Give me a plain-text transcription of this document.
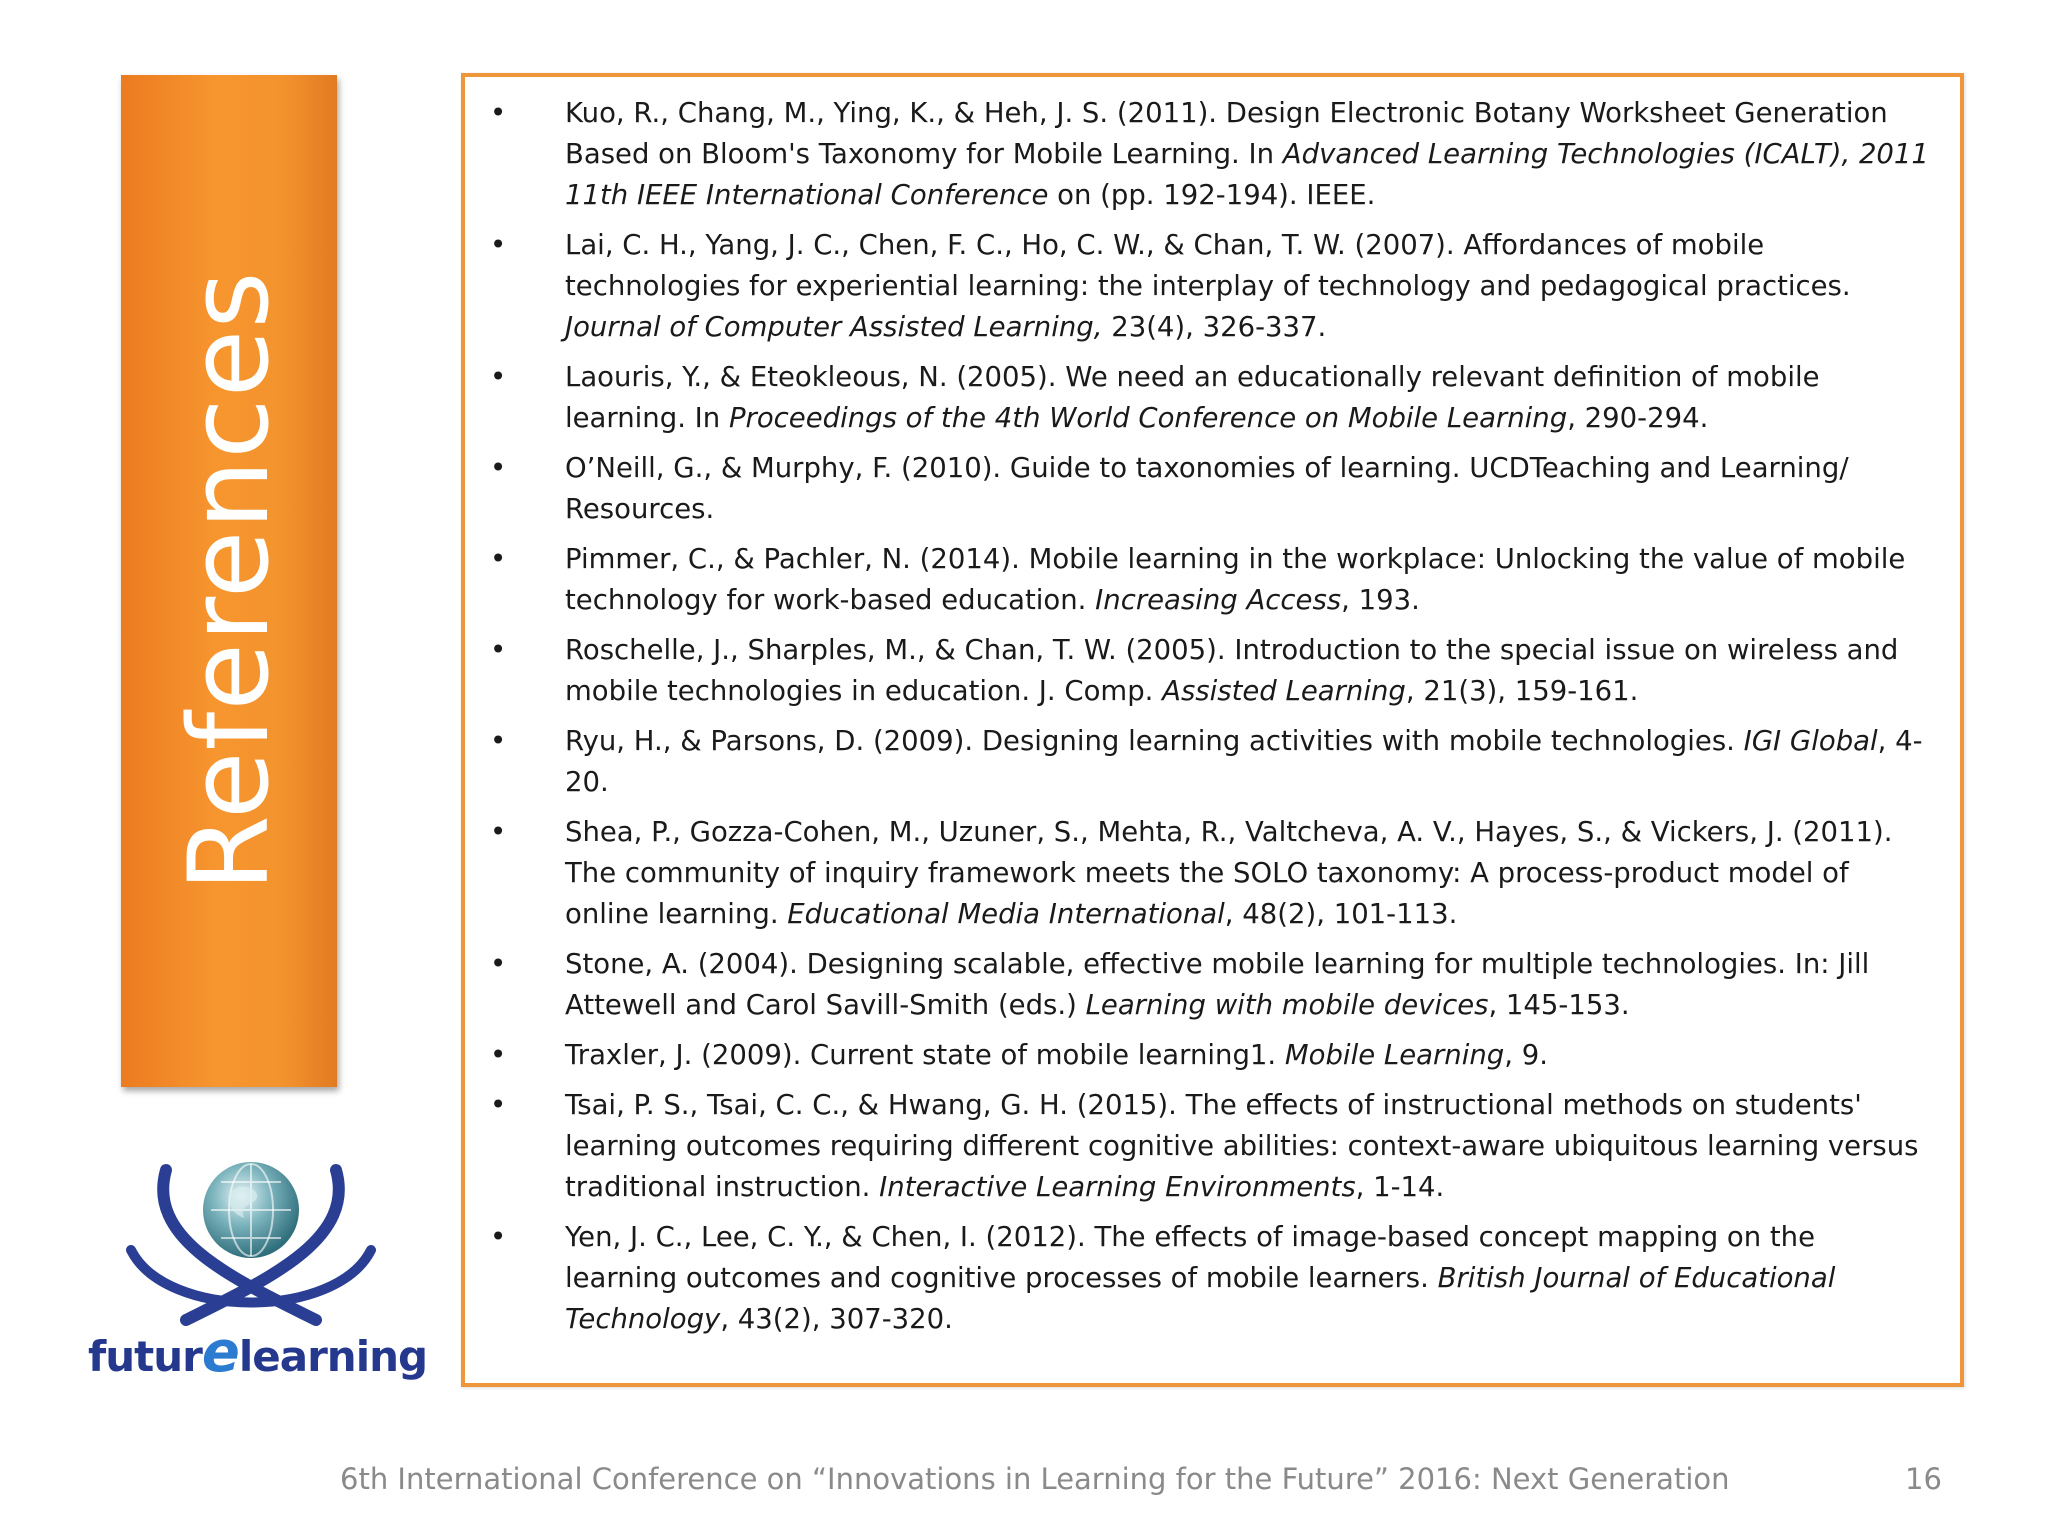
References
futurelearning
• Kuo, R., Chang, M., Ying, K., & Heh, J. S. (2011). Design Electronic Botany Worksheet Generation Based on Bloom's Taxonomy for Mobile Learning. In Advanced Learning Technologies (ICALT), 2011 11th IEEE International Conference on (pp. 192-194). IEEE.
• Lai, C. H., Yang, J. C., Chen, F. C., Ho, C. W., & Chan, T. W. (2007). Affordances of mobile technologies for experiential learning: the interplay of technology and pedagogical practices. Journal of Computer Assisted Learning, 23(4), 326-337.
• Laouris, Y., & Eteokleous, N. (2005). We need an educationally relevant definition of mobile learning. In Proceedings of the 4th World Conference on Mobile Learning, 290-294.
• O’Neill, G., & Murphy, F. (2010). Guide to taxonomies of learning. UCDTeaching and Learning/ Resources.
• Pimmer, C., & Pachler, N. (2014). Mobile learning in the workplace: Unlocking the value of mobile technology for work-based education. Increasing Access, 193.
• Roschelle, J., Sharples, M., & Chan, T. W. (2005). Introduction to the special issue on wireless and mobile technologies in education. J. Comp. Assisted Learning, 21(3), 159-161.
• Ryu, H., & Parsons, D. (2009). Designing learning activities with mobile technologies. IGI Global, 4-20.
• Shea, P., Gozza-Cohen, M., Uzuner, S., Mehta, R., Valtcheva, A. V., Hayes, S., & Vickers, J. (2011). The community of inquiry framework meets the SOLO taxonomy: A process-product model of online learning. Educational Media International, 48(2), 101-113.
• Stone, A. (2004). Designing scalable, effective mobile learning for multiple technologies. In: Jill Attewell and Carol Savill-Smith (eds.) Learning with mobile devices, 145-153.
• Traxler, J. (2009). Current state of mobile learning1. Mobile Learning, 9.
• Tsai, P. S., Tsai, C. C., & Hwang, G. H. (2015). The effects of instructional methods on students' learning outcomes requiring different cognitive abilities: context-aware ubiquitous learning versus traditional instruction. Interactive Learning Environments, 1-14.
• Yen, J. C., Lee, C. Y., & Chen, I. (2012). The effects of image-based concept mapping on the learning outcomes and cognitive processes of mobile learners. British Journal of Educational Technology, 43(2), 307-320.
6th International Conference on “Innovations in Learning for the Future” 2016: Next Generation	16
